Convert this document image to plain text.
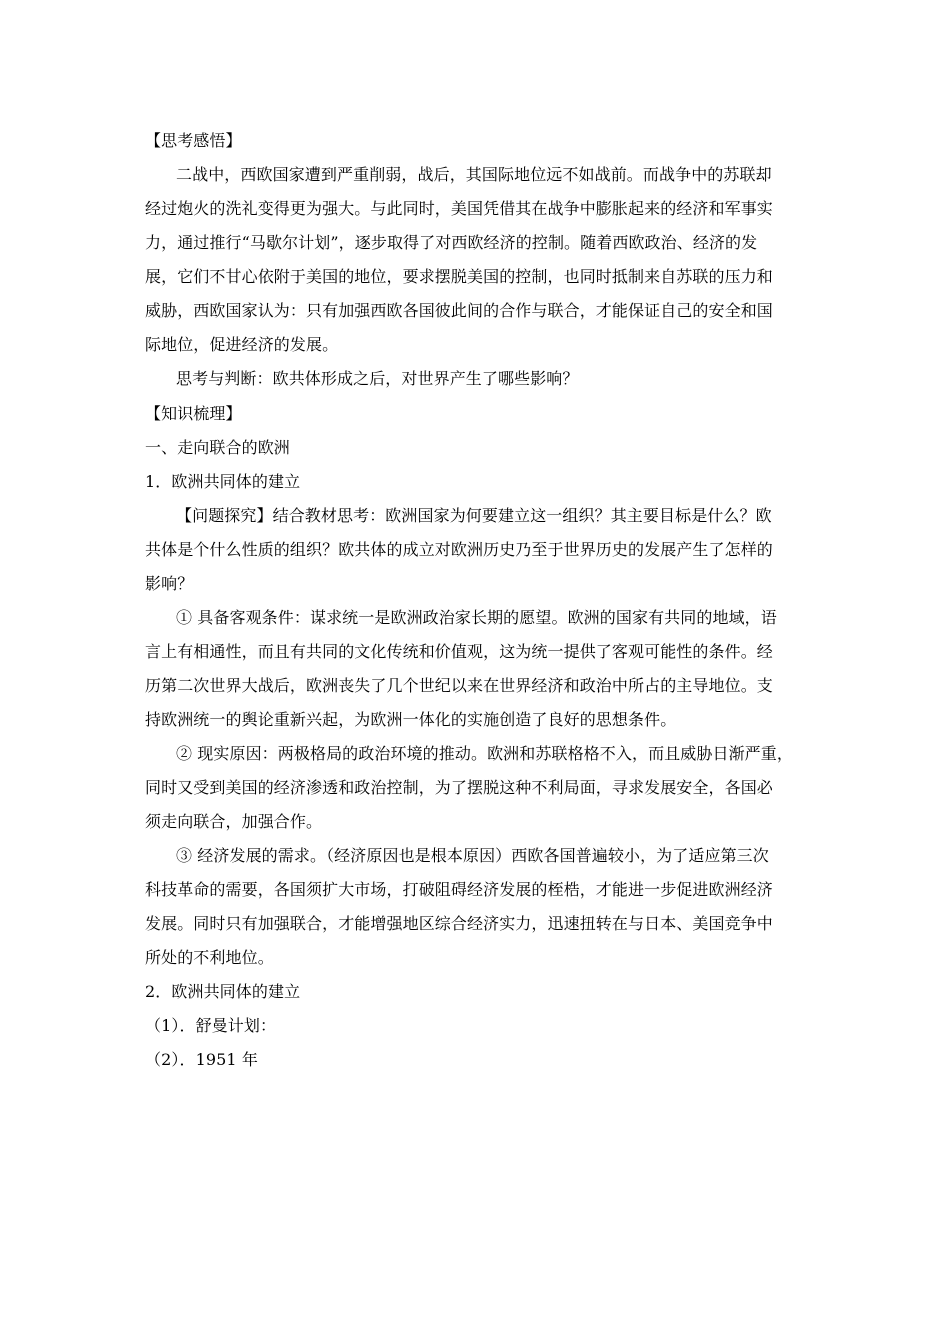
【思考感悟】
二战中，西欧国家遭到严重削弱，战后，其国际地位远不如战前。而战争中的苏联却
经过炮火的洗礼变得更为强大。与此同时，美国凭借其在战争中膨胀起来的经济和军事实
力，通过推行“马歇尔计划”，逐步取得了对西欧经济的控制。随着西欧政治、经济的发
展，它们不甘心依附于美国的地位，要求摆脱美国的控制，也同时抵制来自苏联的压力和
威胁，西欧国家认为：只有加强西欧各国彼此间的合作与联合，才能保证自己的安全和国
际地位，促进经济的发展。
思考与判断：欧共体形成之后，对世界产生了哪些影响？
【知识梳理】
一、走向联合的欧洲
1．欧洲共同体的建立
【问题探究】结合教材思考：欧洲国家为何要建立这一组织？其主要目标是什么？欧
共体是个什么性质的组织？欧共体的成立对欧洲历史乃至于世界历史的发展产生了怎样的
影响？
① 具备客观条件：谋求统一是欧洲政治家长期的愿望。欧洲的国家有共同的地域，语
言上有相通性，而且有共同的文化传统和价值观，这为统一提供了客观可能性的条件。经
历第二次世界大战后，欧洲丧失了几个世纪以来在世界经济和政治中所占的主导地位。支
持欧洲统一的舆论重新兴起，为欧洲一体化的实施创造了良好的思想条件。
② 现实原因：两极格局的政治环境的推动。欧洲和苏联格格不入，而且威胁日渐严重，
同时又受到美国的经济渗透和政治控制，为了摆脱这种不利局面，寻求发展安全，各国必
须走向联合，加强合作。
③ 经济发展的需求。（经济原因也是根本原因）西欧各国普遍较小，为了适应第三次
科技革命的需要，各国须扩大市场，打破阻碍经济发展的桎梏，才能进一步促进欧洲经济
发展。同时只有加强联合，才能增强地区综合经济实力，迅速扭转在与日本、美国竞争中
所处的不利地位。
2．欧洲共同体的建立
（1）．舒曼计划：
（2）．1951 年
